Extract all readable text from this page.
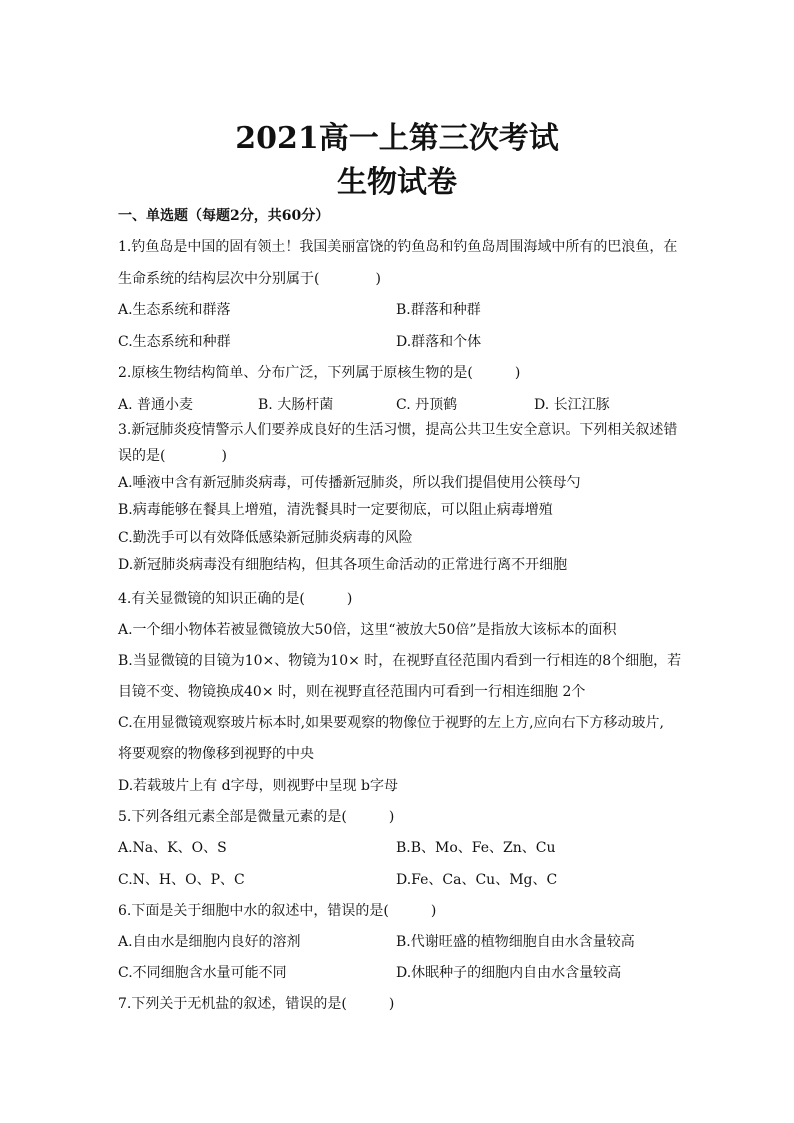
2021高一上第三次考试
生物试卷
一、单选题（每题2分，共60分）
1.钓鱼岛是中国的固有领土！我国美丽富饶的钓鱼岛和钓鱼岛周围海域中所有的巴浪鱼，在
生命系统的结构层次中分别属于(　　　　)
A.生态系统和群落	B.群落和种群
C.生态系统和种群	D.群落和个体
2.原核生物结构简单、分布广泛，下列属于原核生物的是(　　　)
A. 普通小麦	B. 大肠杆菌	C. 丹顶鹤	D. 长江江豚
3.新冠肺炎疫情警示人们要养成良好的生活习惯，提高公共卫生安全意识。下列相关叙述错
误的是(　　　　)
A.唾液中含有新冠肺炎病毒，可传播新冠肺炎，所以我们提倡使用公筷母勺
B.病毒能够在餐具上增殖，清洗餐具时一定要彻底，可以阻止病毒增殖
C.勤洗手可以有效降低感染新冠肺炎病毒的风险
D.新冠肺炎病毒没有细胞结构，但其各项生命活动的正常进行离不开细胞
4.有关显微镜的知识正确的是(　　　)
A.一个细小物体若被显微镜放大50倍，这里“被放大50倍”是指放大该标本的面积
B.当显微镜的目镜为10×、物镜为10× 时，在视野直径范围内看到一行相连的8个细胞，若
目镜不变、物镜换成40× 时，则在视野直径范围内可看到一行相连细胞 2个
C.在用显微镜观察玻片标本时,如果要观察的物像位于视野的左上方,应向右下方移动玻片,
将要观察的物像移到视野的中央
D.若载玻片上有 d字母，则视野中呈现 b字母
5.下列各组元素全部是微量元素的是(　　　)
A.Na、K、O、S	B.B、Mo、Fe、Zn、Cu
C.N、H、O、P、C	D.Fe、Ca、Cu、Mg、C
6.下面是关于细胞中水的叙述中，错误的是(　　　)
A.自由水是细胞内良好的溶剂	B.代谢旺盛的植物细胞自由水含量较高
C.不同细胞含水量可能不同	D.休眠种子的细胞内自由水含量较高
7.下列关于无机盐的叙述，错误的是(　　　)
